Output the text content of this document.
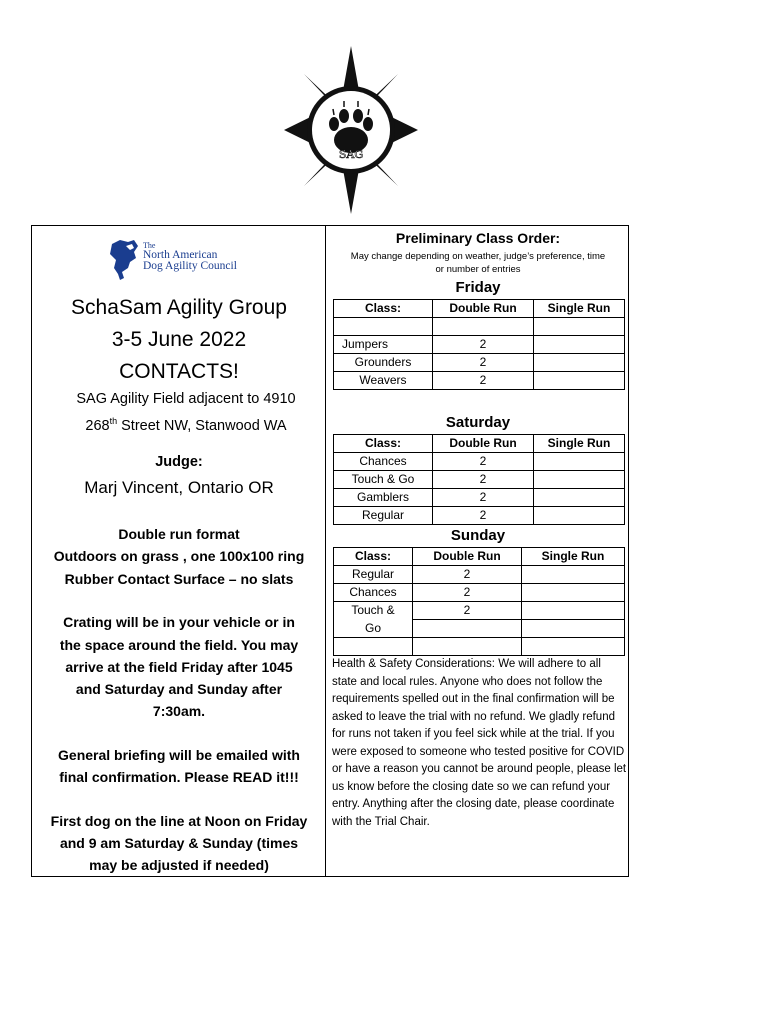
SAG
The
North American
Dog Agility Council
SchaSam Agility Group
3-5 June 2022
CONTACTS!
SAG Agility Field adjacent to 4910
268th Street NW, Stanwood WA
Judge:
Marj Vincent, Ontario OR
Double run format
Outdoors on grass , one 100x100 ring
Rubber Contact Surface – no slats
Crating will be in your vehicle or in
the space around the field. You may
arrive at the field Friday after 1045
and Saturday and Sunday after
7:30am.
General briefing will be emailed with
final confirmation. Please READ it!!!
First dog on the line at Noon on Friday
and 9 am Saturday & Sunday (times
may be adjusted if needed)
Preliminary Class Order:
May change depending on weather, judge’s preference, time
or number of entries
Friday
Class:	Double Run	Single Run

Jumpers	2	
Grounders	2	
Weavers	2	
Saturday
Class:	Double Run	Single Run
Chances	2	
Touch & Go	2	
Gamblers	2	
Regular	2	
Sunday
Class:	Double Run	Single Run
Regular	2	
Chances	2	
Touch &	2	
Go		

Health & Safety Considerations: We will adhere to all state and local rules. Anyone who does not follow the requirements spelled out in the final confirmation will be asked to leave the trial with no refund. We gladly refund for runs not taken if you feel sick while at the trial. If you were exposed to someone who tested positive for COVID or have a reason you cannot be around people, please let us know before the closing date so we can refund your entry. Anything after the closing date, please coordinate with the Trial Chair.
